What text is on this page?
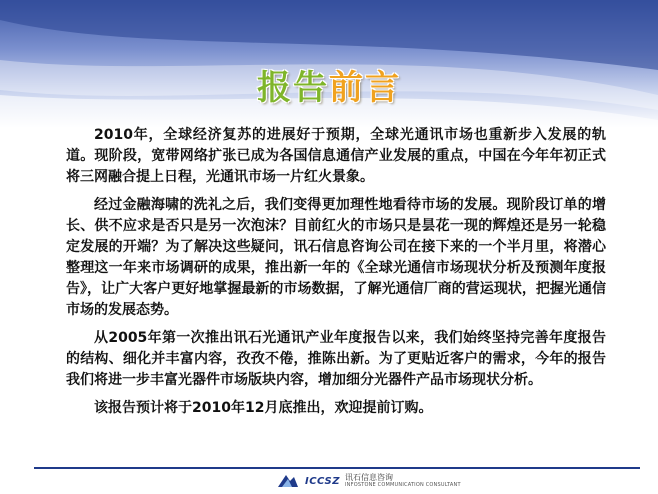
报告前言

2010年，全球经济复苏的进展好于预期，全球光通讯市场也重新步入发展的轨道。现阶段，宽带网络扩张已成为各国信息通信产业发展的重点，中国在今年年初正式将三网融合提上日程，光通讯市场一片红火景象。

经过金融海啸的洗礼之后，我们变得更加理性地看待市场的发展。现阶段订单的增长、供不应求是否只是另一次泡沫？目前红火的市场只是昙花一现的辉煌还是另一轮稳定发展的开端？为了解决这些疑问，讯石信息咨询公司在接下来的一个半月里，将潜心整理这一年来市场调研的成果，推出新一年的《全球光通信市场现状分析及预测年度报告》，让广大客户更好地掌握最新的市场数据，了解光通信厂商的营运现状，把握光通信市场的发展态势。

从2005年第一次推出讯石光通讯产业年度报告以来，我们始终坚持完善年度报告的结构、细化并丰富内容，孜孜不倦，推陈出新。为了更贴近客户的需求，今年的报告我们将进一步丰富光器件市场版块内容，增加细分光器件产品市场现状分析。

该报告预计将于2010年12月底推出，欢迎提前订购。

ICCSZ 讯石信息咨询
INFOSTONE COMMUNICATION CONSULTANT
